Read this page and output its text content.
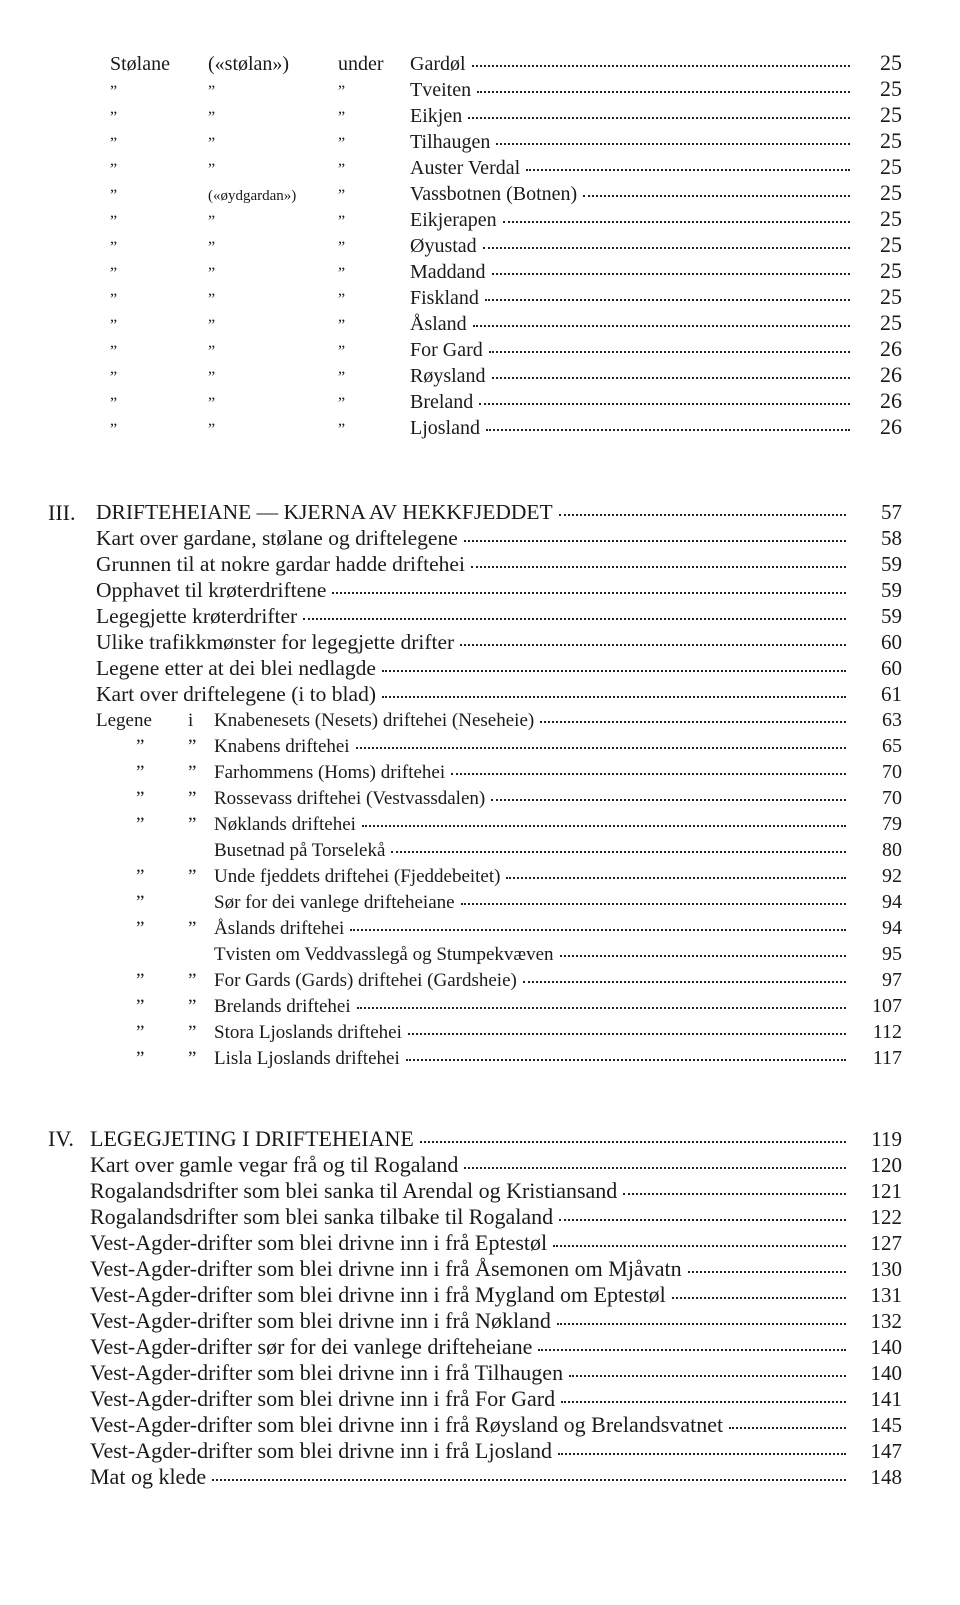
Stølane	(«stølan»)	under	Gardøl	25
”	”	”	Tveiten	25
”	”	”	Eikjen	25
”	”	”	Tilhaugen	25
”	”	”	Auster Verdal	25
”	(«øydgardan»)	”	Vassbotnen (Botnen)	25
”	”	”	Eikjerapen	25
”	”	”	Øyustad	25
”	”	”	Maddand	25
”	”	”	Fiskland	25
”	”	”	Åsland	25
”	”	”	For Gard	26
”	”	”	Røysland	26
”	”	”	Breland	26
”	”	”	Ljosland	26
III. DRIFTEHEIANE — KJERNA AV HEKKFJEDDET	57
Kart over gardane, stølane og driftelegene	58
Grunnen til at nokre gardar hadde driftehei	59
Opphavet til krøterdriftene	59
Legegjette krøterdrifter	59
Ulike trafikkmønster for legegjette drifter	60
Legene etter at dei blei nedlagde	60
Kart over driftelegene (i to blad)	61
Legene	i	Knabenesets (Nesets) driftehei (Neseheie)	63
”	” Knabens driftehei	65
”	” Farhommens (Homs) driftehei	70
”	” Rossevass driftehei (Vestvassdalen)	70
”	” Nøklands driftehei	79
Busetnad på Torselekå	80
”	” Unde fjeddets driftehei (Fjeddebeitet)	92
”	Sør for dei vanlege drifteheiane	94
”	” Åslands driftehei	94
Tvisten om Veddvasslegå og Stumpekvæven	95
”	” For Gards (Gards) driftehei (Gardsheie)	97
”	” Brelands driftehei	107
”	” Stora Ljoslands driftehei	112
”	” Lisla Ljoslands driftehei	117
IV. LEGEGJETING I DRIFTEHEIANE	119
Kart over gamle vegar frå og til Rogaland	120
Rogalandsdrifter som blei sanka til Arendal og Kristiansand	121
Rogalandsdrifter som blei sanka tilbake til Rogaland	122
Vest-Agder-drifter som blei drivne inn i frå Eptestøl	127
Vest-Agder-drifter som blei drivne inn i frå Åsemonen om Mjåvatn	130
Vest-Agder-drifter som blei drivne inn i frå Mygland om Eptestøl	131
Vest-Agder-drifter som blei drivne inn i frå Nøkland	132
Vest-Agder-drifter sør for dei vanlege drifteheiane	140
Vest-Agder-drifter som blei drivne inn i frå Tilhaugen	140
Vest-Agder-drifter som blei drivne inn i frå For Gard	141
Vest-Agder-drifter som blei drivne inn i frå Røysland og Brelandsvatnet	145
Vest-Agder-drifter som blei drivne inn i frå Ljosland	147
Mat og klede	148
